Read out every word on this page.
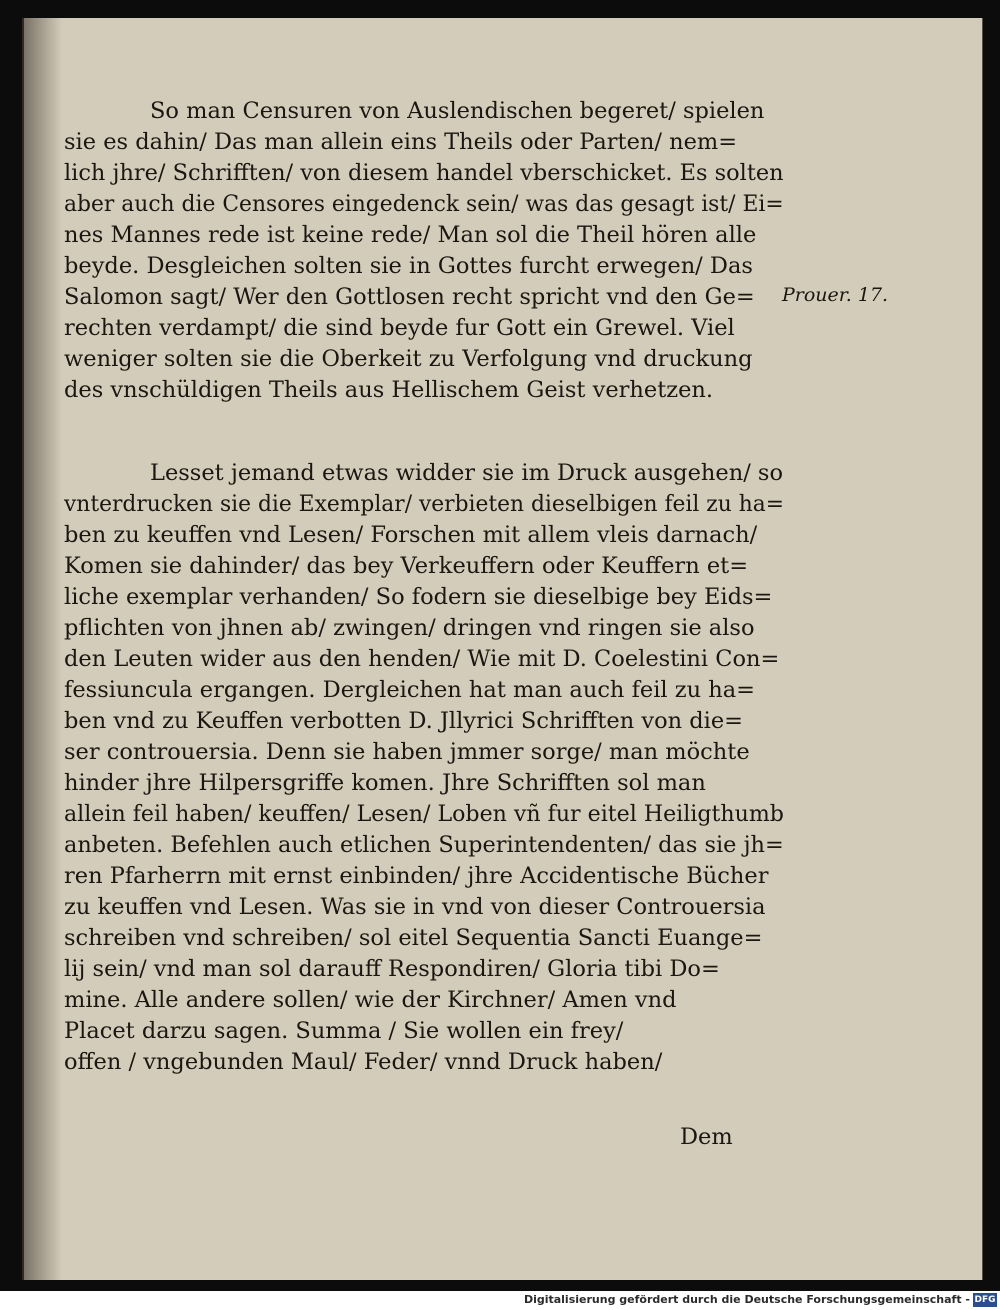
So man Censuren von Auslendischen begeret/ spielen
sie es dahin/ Das man allein eins Theils oder Parten/ nem=
lich jhre/ Schrifften/ von diesem handel vberschicket. Es solten
aber auch die Censores eingedenck sein/ was das gesagt ist/ Ei=
nes Mannes rede ist keine rede/ Man sol die Theil hören alle
beyde. Desgleichen solten sie in Gottes furcht erwegen/ Das
Salomon sagt/ Wer den Gottlosen recht spricht vnd den Ge=
rechten verdampt/ die sind beyde fur Gott ein Grewel. Viel
weniger solten sie die Oberkeit zu Verfolgung vnd druckung
des vnschüldigen Theils aus Hellischem Geist verhetzen.
Lesset jemand etwas widder sie im Druck ausgehen/ so
vnterdrucken sie die Exemplar/ verbieten dieselbigen feil zu ha=
ben zu keuffen vnd Lesen/ Forschen mit allem vleis darnach/
Komen sie dahinder/ das bey Verkeuffern oder Keuffern et=
liche exemplar verhanden/ So fodern sie dieselbige bey Eids=
pflichten von jhnen ab/ zwingen/ dringen vnd ringen sie also
den Leuten wider aus den henden/ Wie mit D. Coelestini Con=
fessiuncula ergangen. Dergleichen hat man auch feil zu ha=
ben vnd zu Keuffen verbotten D. Jllyrici Schrifften von die=
ser controuersia. Denn sie haben jmmer sorge/ man möchte
hinder jhre Hilpersgriffe komen. Jhre Schrifften sol man
allein feil haben/ keuffen/ Lesen/ Loben vñ fur eitel Heiligthumb
anbeten. Befehlen auch etlichen Superintendenten/ das sie jh=
ren Pfarherrn mit ernst einbinden/ jhre Accidentische Bücher
zu keuffen vnd Lesen. Was sie in vnd von dieser Controuersia
schreiben vnd schreiben/ sol eitel Sequentia Sancti Euange=
lij sein/ vnd man sol darauff Respondiren/ Gloria tibi Do=
mine. Alle andere sollen/ wie der Kirchner/ Amen vnd
Placet darzu sagen. Summa / Sie wollen ein frey/
offen / vngebunden Maul/ Feder/ vnnd Druck haben/
Prouer. 17.
Dem
Digitalisierung gefördert durch die Deutsche Forschungsgemeinschaft - DFG
